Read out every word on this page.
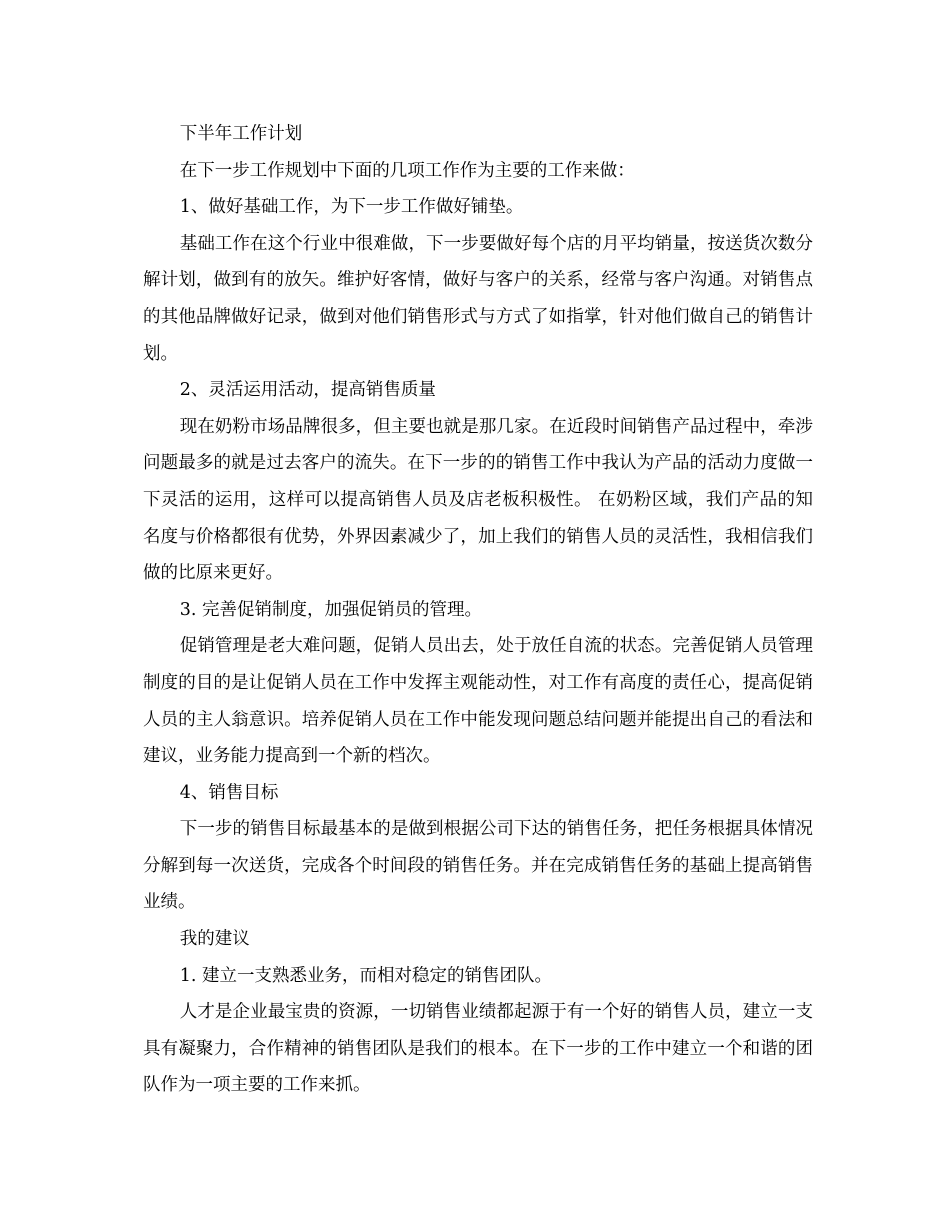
下半年工作计划

在下一步工作规划中下面的几项工作作为主要的工作来做：

1、做好基础工作，为下一步工作做好铺垫。

基础工作在这个行业中很难做，下一步要做好每个店的月平均销量，按送货次数分解计划，做到有的放矢。维护好客情，做好与客户的关系，经常与客户沟通。对销售点的其他品牌做好记录，做到对他们销售形式与方式了如指掌，针对他们做自己的销售计划。

2、灵活运用活动，提高销售质量

现在奶粉市场品牌很多，但主要也就是那几家。在近段时间销售产品过程中，牵涉问题最多的就是过去客户的流失。在下一步的的销售工作中我认为产品的活动力度做一下灵活的运用，这样可以提高销售人员及店老板积极性。 在奶粉区域，我们产品的知名度与价格都很有优势，外界因素减少了，加上我们的销售人员的灵活性，我相信我们做的比原来更好。

3. 完善促销制度，加强促销员的管理。

促销管理是老大难问题，促销人员出去，处于放任自流的状态。完善促销人员管理制度的目的是让促销人员在工作中发挥主观能动性，对工作有高度的责任心，提高促销人员的主人翁意识。培养促销人员在工作中能发现问题总结问题并能提出自己的看法和建议，业务能力提高到一个新的档次。

4、销售目标

下一步的销售目标最基本的是做到根据公司下达的销售任务，把任务根据具体情况分解到每一次送货，完成各个时间段的销售任务。并在完成销售任务的基础上提高销售业绩。

我的建议

1. 建立一支熟悉业务，而相对稳定的销售团队。

人才是企业最宝贵的资源，一切销售业绩都起源于有一个好的销售人员，建立一支具有凝聚力，合作精神的销售团队是我们的根本。在下一步的工作中建立一个和谐的团队作为一项主要的工作来抓。
